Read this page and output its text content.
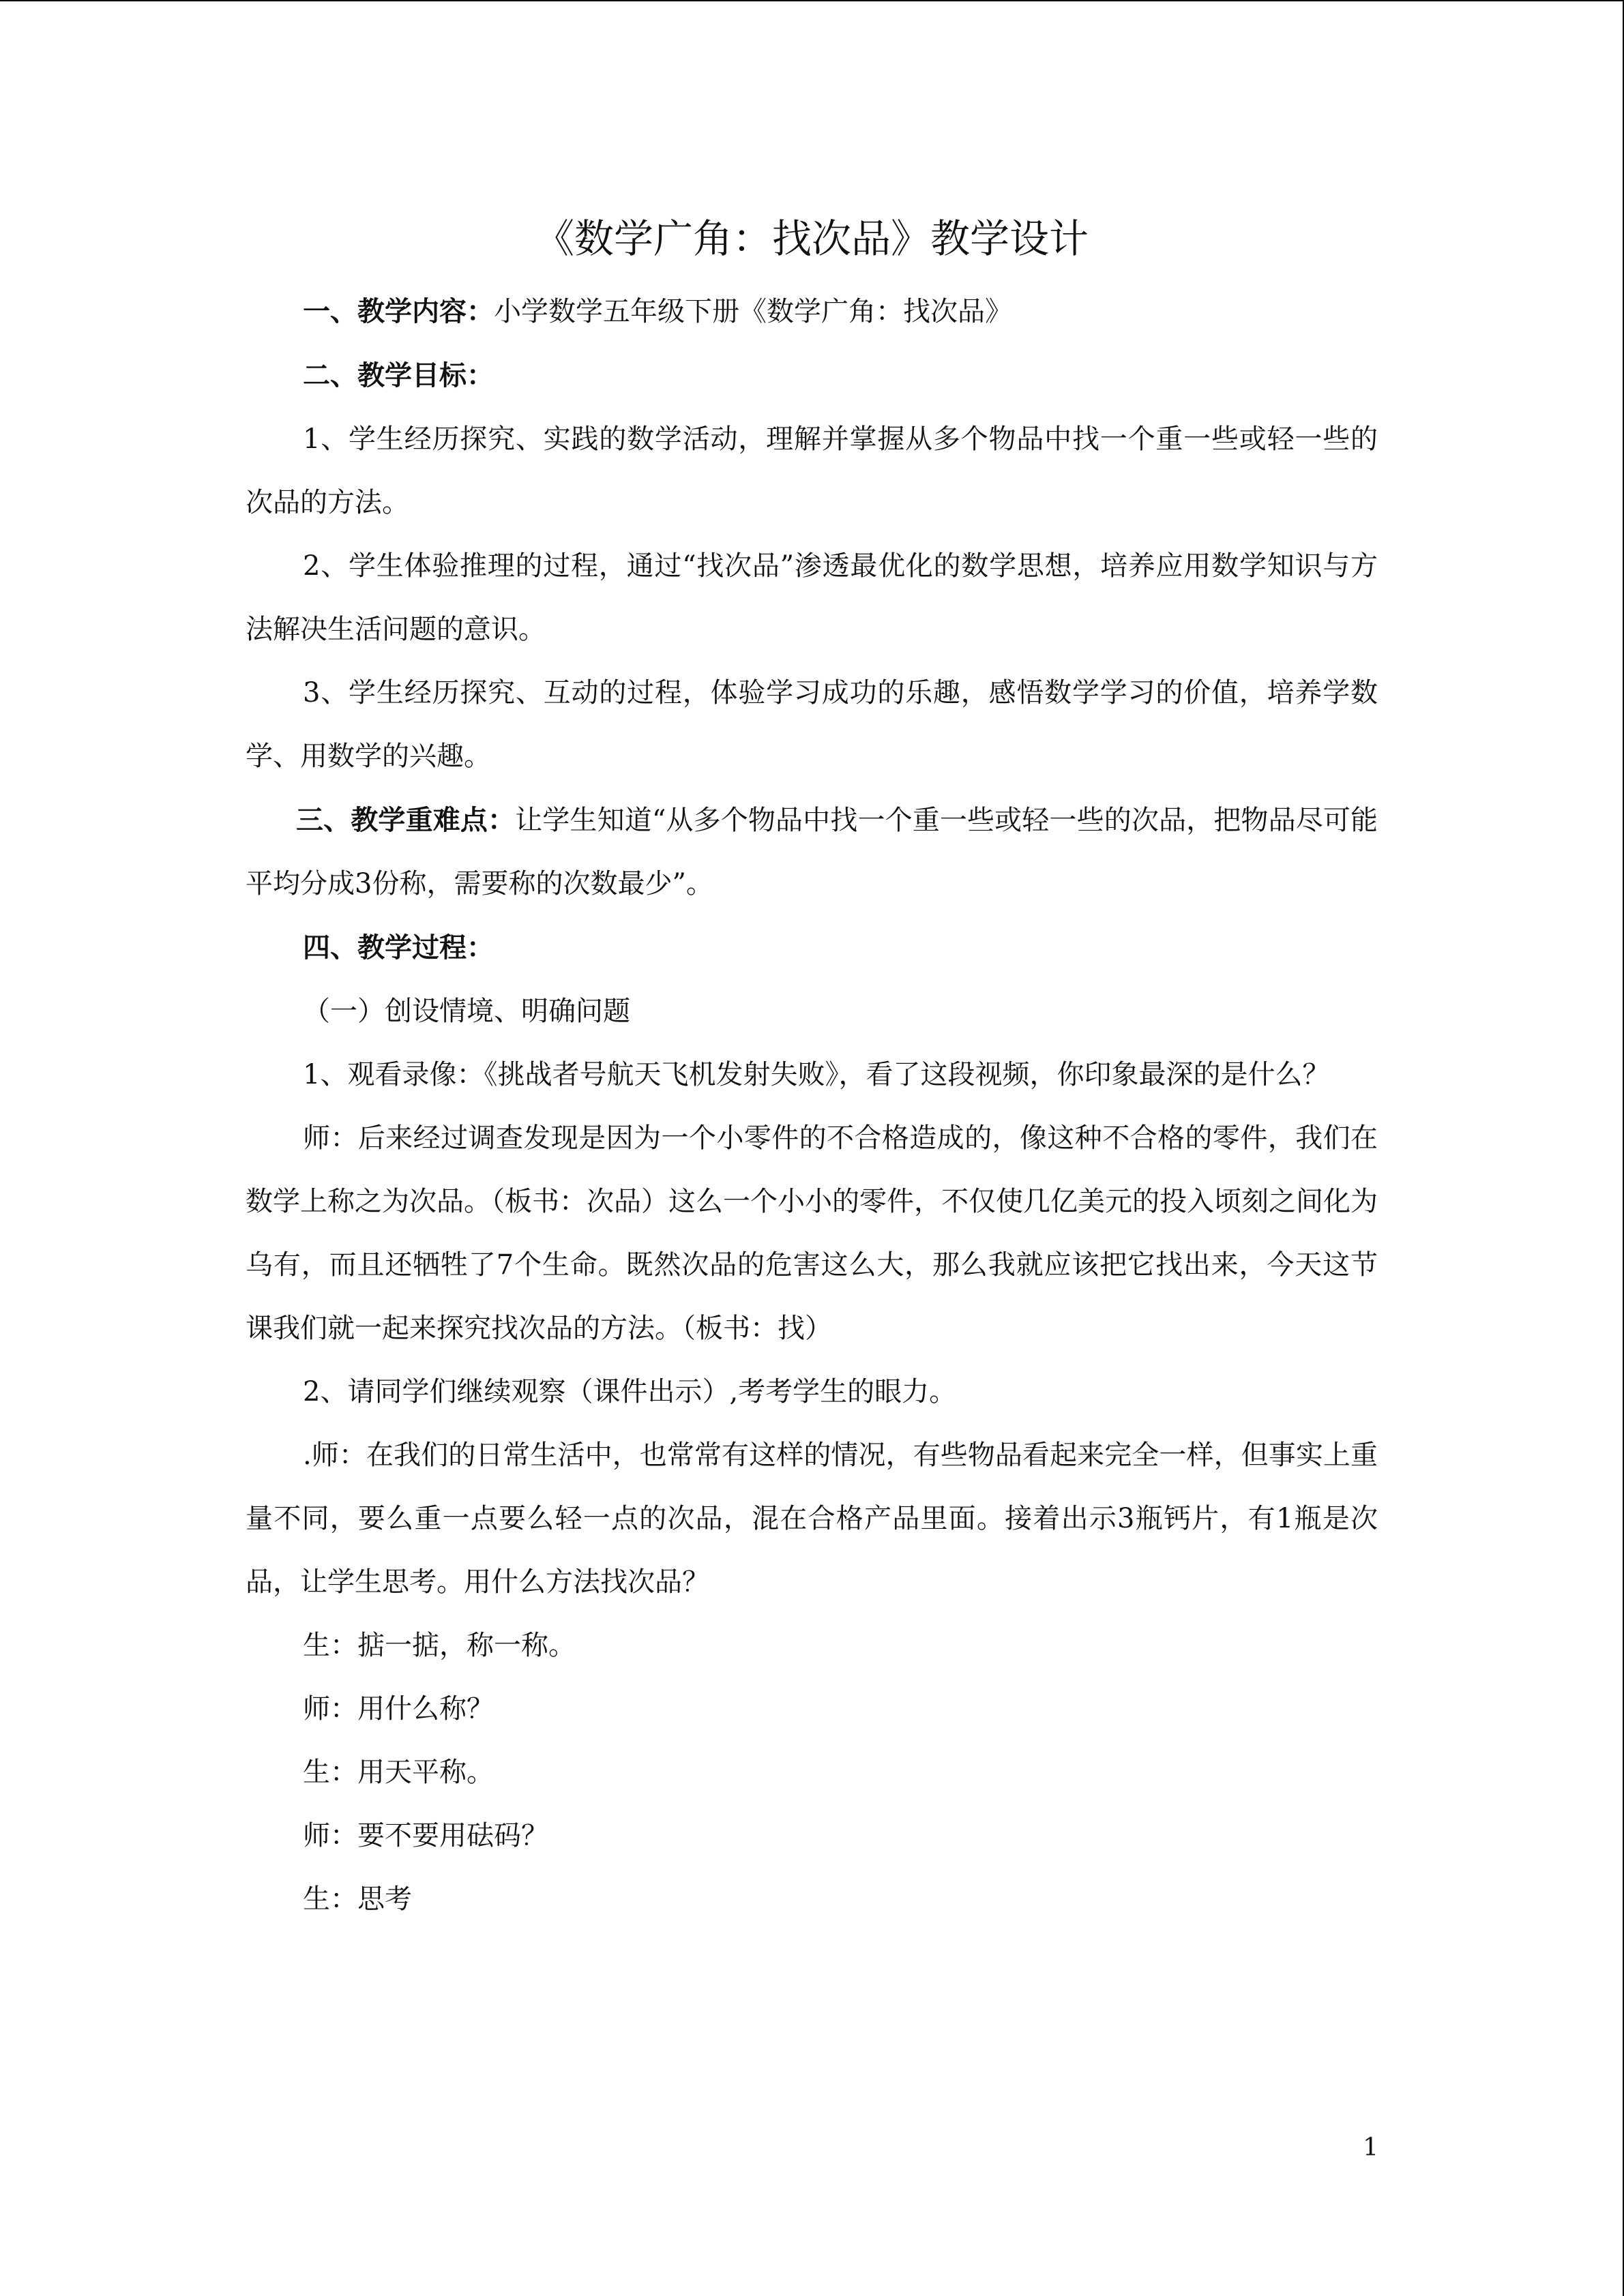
《数学广角：找次品》教学设计

一、教学内容：小学数学五年级下册《数学广角：找次品》

二、教学目标：

1、学生经历探究、实践的数学活动，理解并掌握从多个物品中找一个重一些或轻一些的次品的方法。

2、学生体验推理的过程，通过“找次品”渗透最优化的数学思想，培养应用数学知识与方法解决生活问题的意识。

3、学生经历探究、互动的过程，体验学习成功的乐趣，感悟数学学习的价值，培养学数学、用数学的兴趣。

三、教学重难点：让学生知道“从多个物品中找一个重一些或轻一些的次品，把物品尽可能平均分成3份称，需要称的次数最少”。

四、教学过程：

（一）创设情境、明确问题

1、观看录像：《挑战者号航天飞机发射失败》，看了这段视频，你印象最深的是什么？

师：后来经过调查发现是因为一个小零件的不合格造成的，像这种不合格的零件，我们在数学上称之为次品。（板书：次品）这么一个小小的零件，不仅使几亿美元的投入顷刻之间化为乌有，而且还牺牲了7个生命。既然次品的危害这么大，那么我就应该把它找出来，今天这节课我们就一起来探究找次品的方法。（板书：找）

2、请同学们继续观察（课件出示）,考考学生的眼力。

.师：在我们的日常生活中，也常常有这样的情况，有些物品看起来完全一样，但事实上重量不同，要么重一点要么轻一点的次品，混在合格产品里面。接着出示3瓶钙片，有1瓶是次品，让学生思考。用什么方法找次品？

生：掂一掂，称一称。

师：用什么称？

生：用天平称。

师：要不要用砝码？

生：思考

1
